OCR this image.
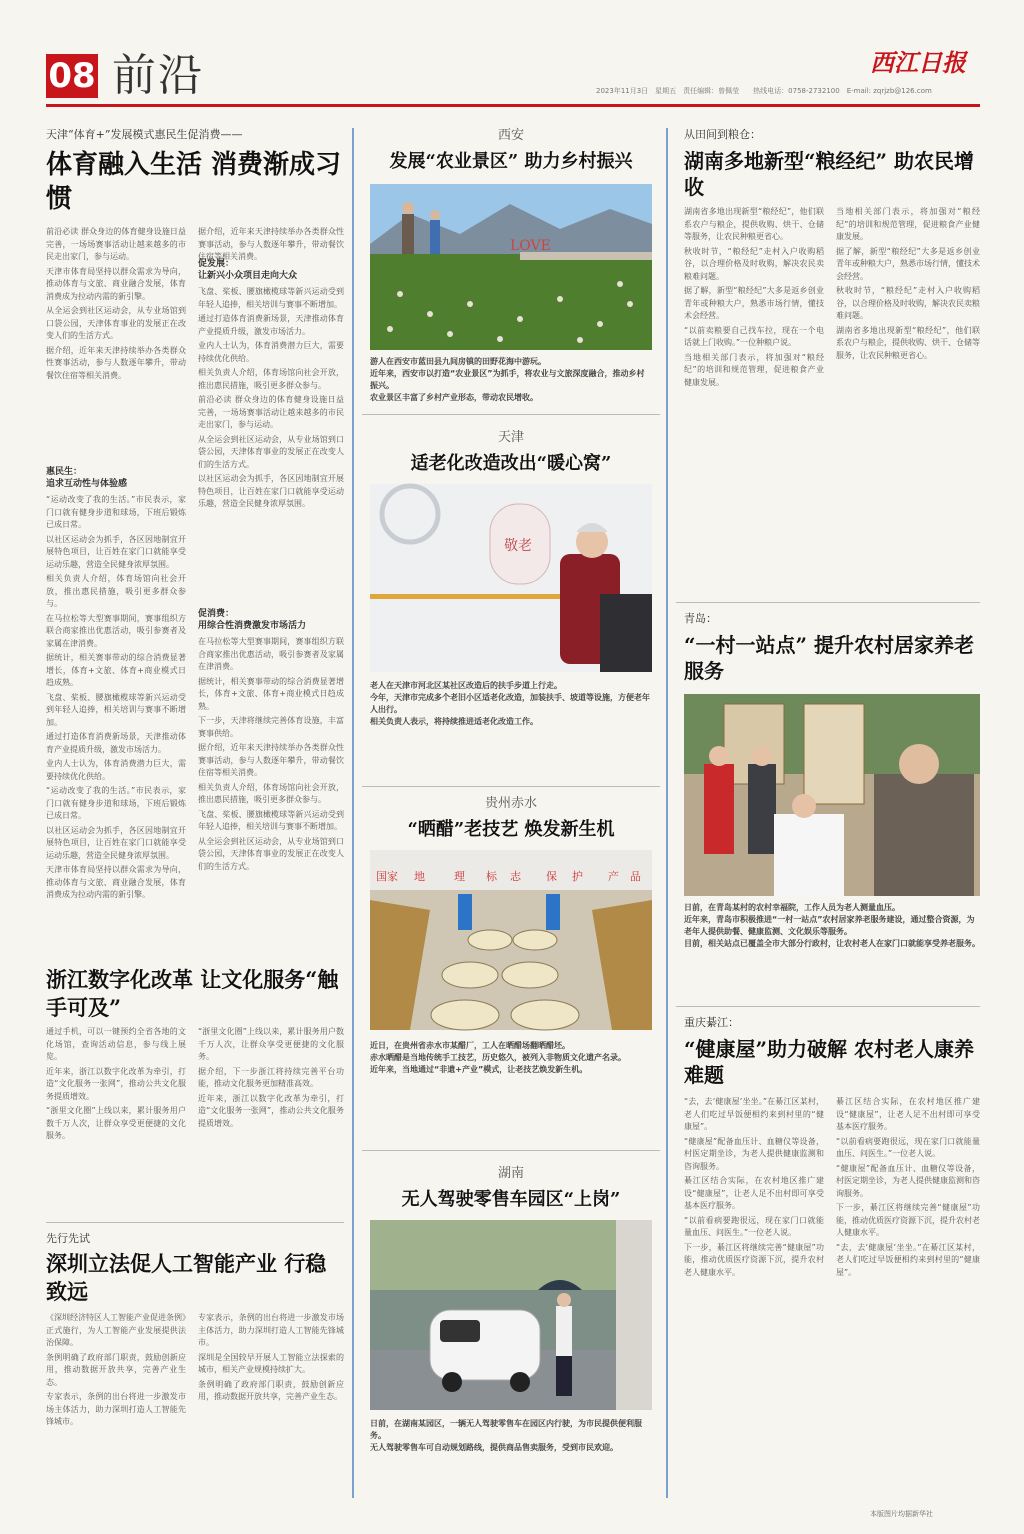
08 前沿	西江日报
2023年11月3日　星期五　责任编辑：曾佩莹　　热线电话：0758-2732100　E-mail: zqrjzb@126.com
天津“体育+”发展模式惠民生促消费——
体育融入生活 消费渐成习惯

前沿必读 群众身边的体育健身设施日益完善，一场场赛事活动让越来越多的市民走出家门，参与运动。

天津市体育局坚持以群众需求为导向，推动体育与文旅、商业融合发展，体育消费成为拉动内需的新引擎。

从全运会到社区运动会，从专业场馆到口袋公园，天津体育事业的发展正在改变人们的生活方式。

据介绍，近年来天津持续举办各类群众性赛事活动，参与人数逐年攀升，带动餐饮住宿等相关消费。

惠民生：
追求互动性与体验感

“运动改变了我的生活。”市民表示，家门口就有健身步道和球场，下班后锻炼已成日常。

以社区运动会为抓手，各区因地制宜开展特色项目，让百姓在家门口就能享受运动乐趣，营造全民健身浓厚氛围。

相关负责人介绍，体育场馆向社会开放，推出惠民措施，吸引更多群众参与。

在马拉松等大型赛事期间，赛事组织方联合商家推出优惠活动，吸引参赛者及家属在津消费。

据统计，相关赛事带动的综合消费显著增长，体育+文旅、体育+商业模式日趋成熟。

飞盘、桨板、腰旗橄榄球等新兴运动受到年轻人追捧，相关培训与赛事不断增加。

通过打造体育消费新场景，天津推动体育产业提质升级，激发市场活力。

业内人士认为，体育消费潜力巨大，需要持续优化供给。

“运动改变了我的生活。”市民表示，家门口就有健身步道和球场，下班后锻炼已成日常。

以社区运动会为抓手，各区因地制宜开展特色项目，让百姓在家门口就能享受运动乐趣，营造全民健身浓厚氛围。

天津市体育局坚持以群众需求为导向，推动体育与文旅、商业融合发展，体育消费成为拉动内需的新引擎。

据介绍，近年来天津持续举办各类群众性赛事活动，参与人数逐年攀升，带动餐饮住宿等相关消费。

促发展：
让新兴小众项目走向大众

飞盘、桨板、腰旗橄榄球等新兴运动受到年轻人追捧，相关培训与赛事不断增加。

通过打造体育消费新场景，天津推动体育产业提质升级，激发市场活力。

业内人士认为，体育消费潜力巨大，需要持续优化供给。

相关负责人介绍，体育场馆向社会开放，推出惠民措施，吸引更多群众参与。

前沿必读 群众身边的体育健身设施日益完善，一场场赛事活动让越来越多的市民走出家门，参与运动。

从全运会到社区运动会，从专业场馆到口袋公园，天津体育事业的发展正在改变人们的生活方式。

以社区运动会为抓手，各区因地制宜开展特色项目，让百姓在家门口就能享受运动乐趣，营造全民健身浓厚氛围。

促消费：
用综合性消费激发市场活力

在马拉松等大型赛事期间，赛事组织方联合商家推出优惠活动，吸引参赛者及家属在津消费。

据统计，相关赛事带动的综合消费显著增长，体育+文旅、体育+商业模式日趋成熟。

下一步，天津将继续完善体育设施，丰富赛事供给。

据介绍，近年来天津持续举办各类群众性赛事活动，参与人数逐年攀升，带动餐饮住宿等相关消费。

相关负责人介绍，体育场馆向社会开放，推出惠民措施，吸引更多群众参与。

飞盘、桨板、腰旗橄榄球等新兴运动受到年轻人追捧，相关培训与赛事不断增加。

从全运会到社区运动会，从专业场馆到口袋公园，天津体育事业的发展正在改变人们的生活方式。

浙江数字化改革 让文化服务“触手可及”

通过手机，可以一键预约全省各地的文化场馆，查询活动信息，参与线上展览。

近年来，浙江以数字化改革为牵引，打造“文化服务一张网”，推动公共文化服务提质增效。

“浙里文化圈”上线以来，累计服务用户数千万人次，让群众享受更便捷的文化服务。

“浙里文化圈”上线以来，累计服务用户数千万人次，让群众享受更便捷的文化服务。

据介绍，下一步浙江将持续完善平台功能，推动文化服务更加精准高效。

近年来，浙江以数字化改革为牵引，打造“文化服务一张网”，推动公共文化服务提质增效。

先行先试
深圳立法促人工智能产业 行稳致远

《深圳经济特区人工智能产业促进条例》正式施行，为人工智能产业发展提供法治保障。

条例明确了政府部门职责，鼓励创新应用，推动数据开放共享，完善产业生态。

专家表示，条例的出台将进一步激发市场主体活力，助力深圳打造人工智能先锋城市。

专家表示，条例的出台将进一步激发市场主体活力，助力深圳打造人工智能先锋城市。

深圳是全国较早开展人工智能立法探索的城市，相关产业规模持续扩大。

条例明确了政府部门职责，鼓励创新应用，推动数据开放共享，完善产业生态。

西安
发展“农业景区” 助力乡村振兴
LOVE
游人在西安市蓝田县九间房镇的田野花海中游玩。
近年来，西安市以打造“农业景区”为抓手，将农业与文旅深度融合，推动乡村振兴。
农业景区丰富了乡村产业形态，带动农民增收。
天津
适老化改造改出“暖心窝”
敬老
老人在天津市河北区某社区改造后的扶手步道上行走。
今年，天津市完成多个老旧小区适老化改造，加装扶手、坡道等设施，方便老年人出行。
相关负责人表示，将持续推进适老化改造工作。
贵州赤水
“晒醋”老技艺 焕发新生机
国家 地	理 标 志 保 护 产 品
近日，在贵州省赤水市某醋厂，工人在晒醋场翻晒醋坯。
赤水晒醋是当地传统手工技艺，历史悠久，被列入非物质文化遗产名录。
近年来，当地通过“非遗+产业”模式，让老技艺焕发新生机。
湖南
无人驾驶零售车园区“上岗”
日前，在湖南某园区，一辆无人驾驶零售车在园区内行驶，为市民提供便利服务。
无人驾驶零售车可自动规划路线，提供商品售卖服务，受到市民欢迎。
从田间到粮仓：
湖南多地新型“粮经纪” 助农民增收

湖南省多地出现新型“粮经纪”，他们联系农户与粮企，提供收购、烘干、仓储等服务，让农民种粮更省心。

秋收时节，“粮经纪”走村入户收购稻谷，以合理价格及时收购，解决农民卖粮难问题。

据了解，新型“粮经纪”大多是返乡创业青年或种粮大户，熟悉市场行情，懂技术会经营。

“以前卖粮要自己找车拉，现在一个电话就上门收购。”一位种粮户说。

当地相关部门表示，将加强对“粮经纪”的培训和规范管理，促进粮食产业健康发展。

当地相关部门表示，将加强对“粮经纪”的培训和规范管理，促进粮食产业健康发展。

据了解，新型“粮经纪”大多是返乡创业青年或种粮大户，熟悉市场行情，懂技术会经营。

秋收时节，“粮经纪”走村入户收购稻谷，以合理价格及时收购，解决农民卖粮难问题。

湖南省多地出现新型“粮经纪”，他们联系农户与粮企，提供收购、烘干、仓储等服务，让农民种粮更省心。

青岛：
“一村一站点” 提升农村居家养老服务
日前，在青岛某村的农村幸福院，工作人员为老人测量血压。
近年来，青岛市积极推进“一村一站点”农村居家养老服务建设，通过整合资源，为老年人提供助餐、健康监测、文化娱乐等服务。
目前，相关站点已覆盖全市大部分行政村，让农村老人在家门口就能享受养老服务。
重庆綦江：
“健康屋”助力破解 农村老人康养难题

“去，去‘健康屋’坐坐。”在綦江区某村，老人们吃过早饭便相约来到村里的“健康屋”。

“健康屋”配备血压计、血糖仪等设备，村医定期坐诊，为老人提供健康监测和咨询服务。

綦江区结合实际，在农村地区推广建设“健康屋”，让老人足不出村即可享受基本医疗服务。

“以前看病要跑很远，现在家门口就能量血压、问医生。”一位老人说。

下一步，綦江区将继续完善“健康屋”功能，推动优质医疗资源下沉，提升农村老人健康水平。

綦江区结合实际，在农村地区推广建设“健康屋”，让老人足不出村即可享受基本医疗服务。

“以前看病要跑很远，现在家门口就能量血压、问医生。”一位老人说。

“健康屋”配备血压计、血糖仪等设备，村医定期坐诊，为老人提供健康监测和咨询服务。

下一步，綦江区将继续完善“健康屋”功能，推动优质医疗资源下沉，提升农村老人健康水平。

“去，去‘健康屋’坐坐。”在綦江区某村，老人们吃过早饭便相约来到村里的“健康屋”。

本版图片均据新华社
